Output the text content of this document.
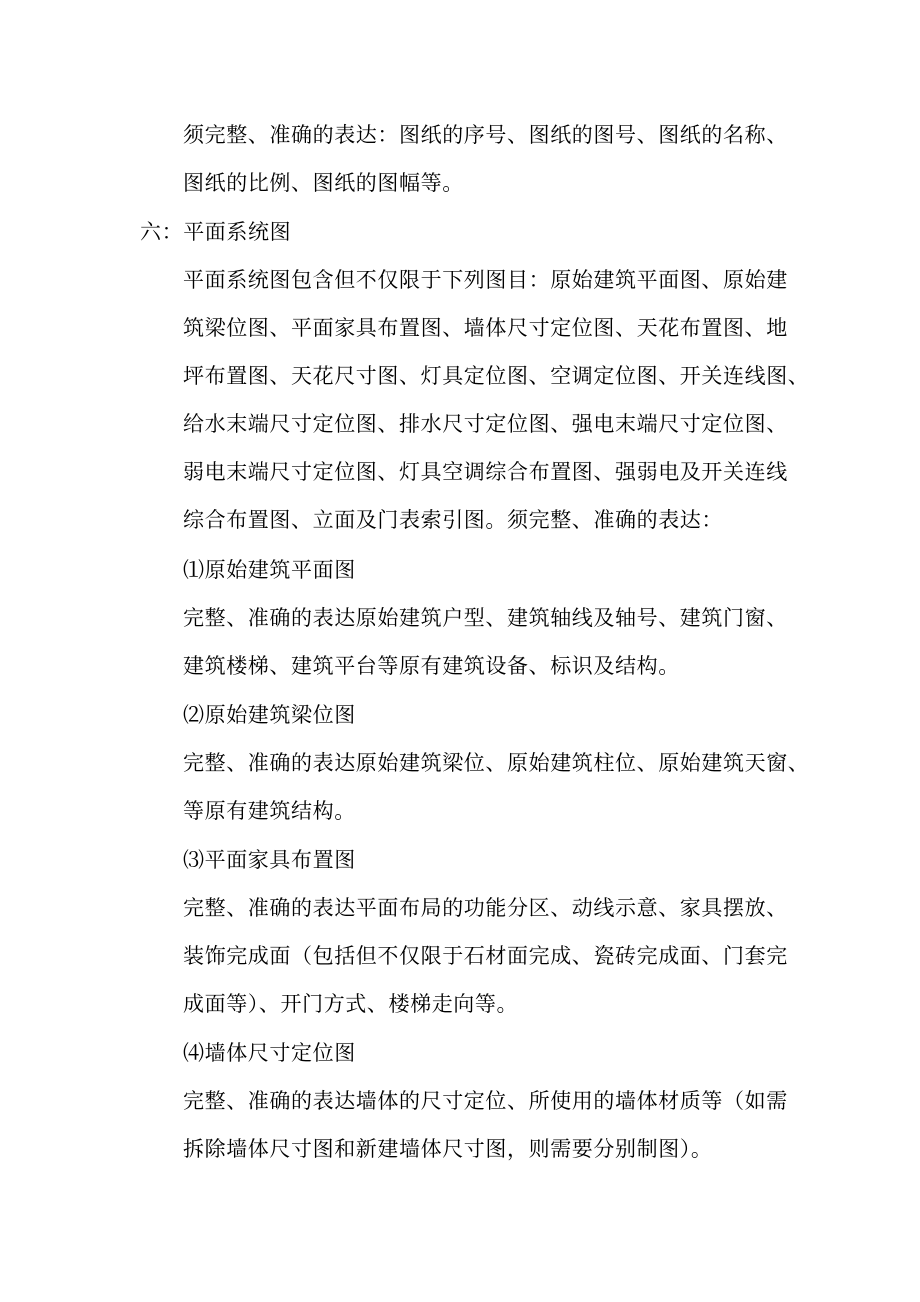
须完整、准确的表达：图纸的序号、图纸的图号、图纸的名称、
图纸的比例、图纸的图幅等。
六：平面系统图
平面系统图包含但不仅限于下列图目：原始建筑平面图、原始建
筑梁位图、平面家具布置图、墙体尺寸定位图、天花布置图、地
坪布置图、天花尺寸图、灯具定位图、空调定位图、开关连线图、
给水末端尺寸定位图、排水尺寸定位图、强电末端尺寸定位图、
弱电末端尺寸定位图、灯具空调综合布置图、强弱电及开关连线
综合布置图、立面及门表索引图。须完整、准确的表达：
⑴原始建筑平面图
完整、准确的表达原始建筑户型、建筑轴线及轴号、建筑门窗、
建筑楼梯、建筑平台等原有建筑设备、标识及结构。
⑵原始建筑梁位图
完整、准确的表达原始建筑梁位、原始建筑柱位、原始建筑天窗、
等原有建筑结构。
⑶平面家具布置图
完整、准确的表达平面布局的功能分区、动线示意、家具摆放、
装饰完成面（包括但不仅限于石材面完成、瓷砖完成面、门套完
成面等）、开门方式、楼梯走向等。
⑷墙体尺寸定位图
完整、准确的表达墙体的尺寸定位、所使用的墙体材质等（如需
拆除墙体尺寸图和新建墙体尺寸图，则需要分别制图）。
